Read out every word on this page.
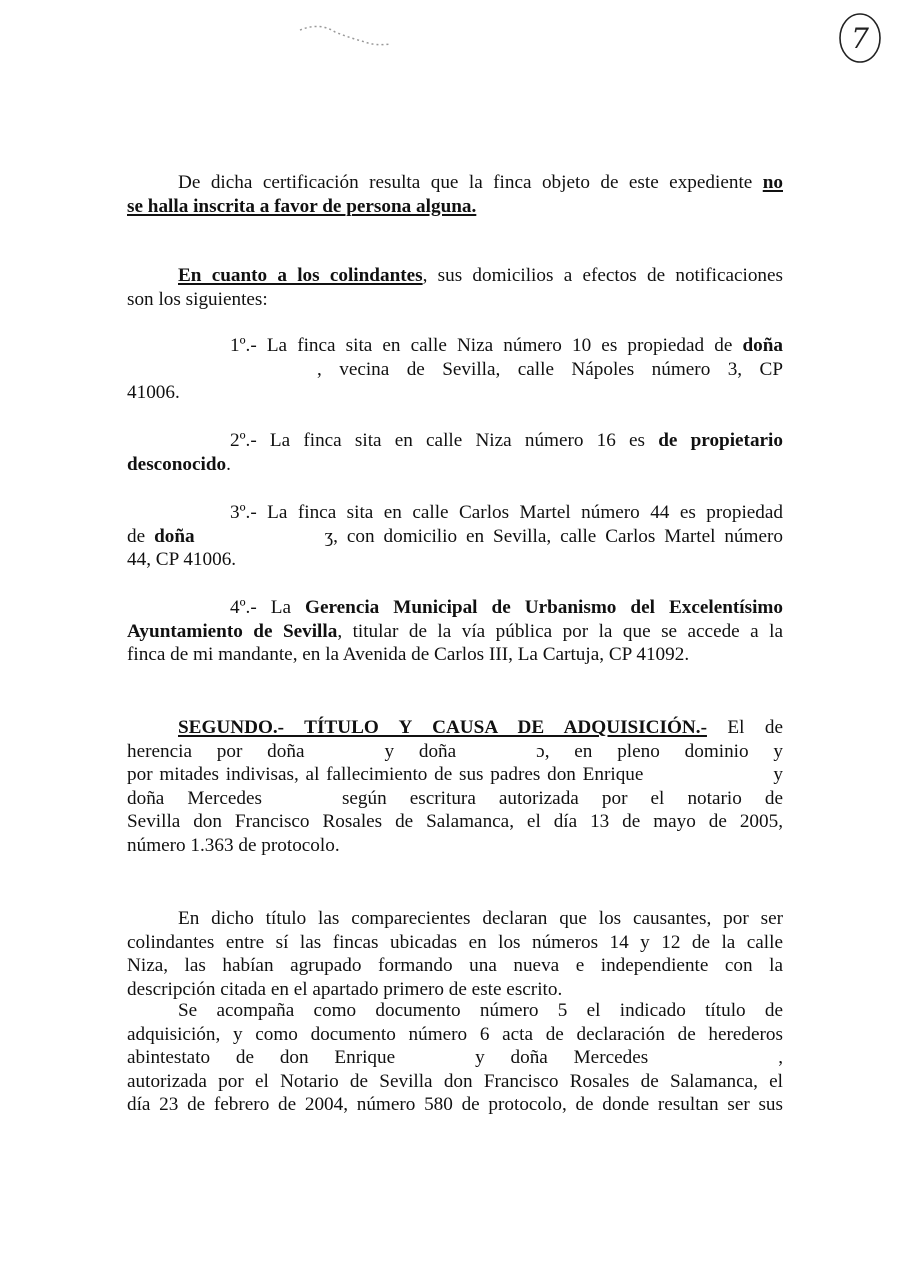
7
De dicha certificación resulta que la finca objeto de este expediente no
se halla inscrita a favor de persona alguna.
En cuanto a los colindantes, sus domicilios a efectos de notificaciones
son los siguientes:
1º.- La finca sita en calle Niza número 10 es propiedad de doña
, vecina de Sevilla, calle Nápoles número 3, CP
41006.
2º.- La finca sita en calle Niza número 16 es de propietario
desconocido.
3º.- La finca sita en calle Carlos Martel número 44 es propiedad
de doña	ʒ, con domicilio en Sevilla, calle Carlos Martel número
44, CP 41006.
4º.- La Gerencia Municipal de Urbanismo del Excelentísimo
Ayuntamiento de Sevilla, titular de la vía pública por la que se accede a la
finca de mi mandante, en la Avenida de Carlos III, La Cartuja, CP 41092.
SEGUNDO.- TÍTULO Y CAUSA DE ADQUISICIÓN.- El de
herencia por doña	y doña	ɔ, en pleno dominio y
por mitades indivisas, al fallecimiento de sus padres don Enrique	y
doña Mercedes	según escritura autorizada por el notario de
Sevilla don Francisco Rosales de Salamanca, el día 13 de mayo de 2005,
número 1.363 de protocolo.
En dicho título las comparecientes declaran que los causantes, por ser
colindantes entre sí las fincas ubicadas en los números 14 y 12 de la calle
Niza, las habían agrupado formando una nueva e independiente con la
descripción citada en el apartado primero de este escrito.
Se acompaña como documento número 5 el indicado título de
adquisición, y como documento número 6 acta de declaración de herederos
abintestato de don Enrique	y doña Mercedes	,
autorizada por el Notario de Sevilla don Francisco Rosales de Salamanca, el
día 23 de febrero de 2004, número 580 de protocolo, de donde resultan ser sus
